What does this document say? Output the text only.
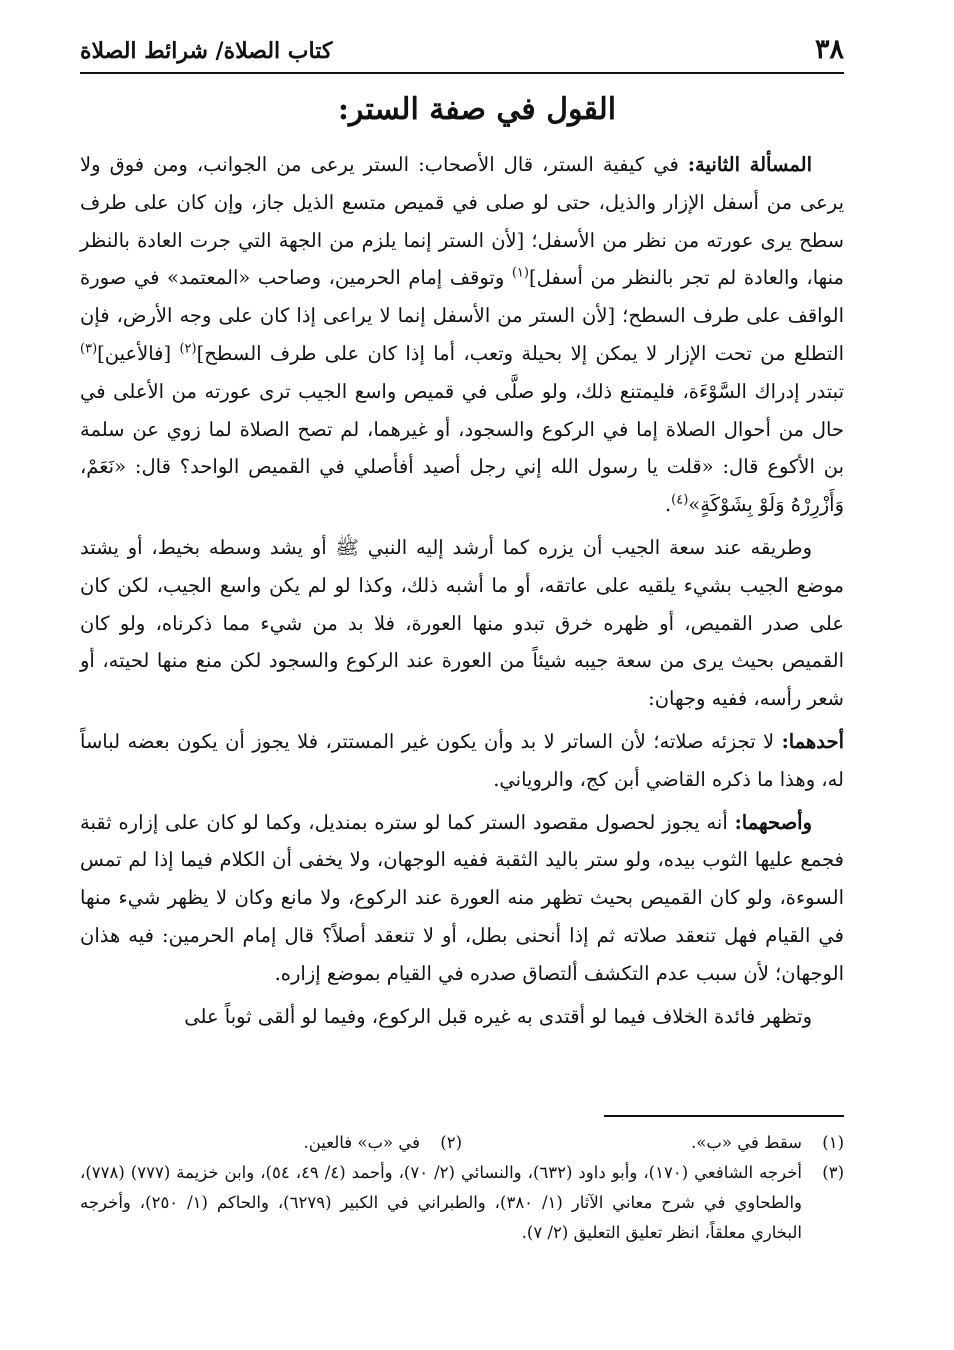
٣٨
كتاب الصلاة/ شرائط الصلاة
القول في صفة الستر:

المسألة الثانية: في كيفية الستر، قال الأصحاب: الستر يرعى من الجوانب، ومن فوق ولا يرعى من أسفل الإزار والذيل، حتى لو صلى في قميص متسع الذيل جاز، وإن كان على طرف سطح يرى عورته من نظر من الأسفل؛ [لأن الستر إنما يلزم من الجهة التي جرت العادة بالنظر منها، والعادة لم تجر بالنظر من أسفل]$^{(١)}$ وتوقف إمام الحرمين، وصاحب «المعتمد» في صورة الواقف على طرف السطح؛ [لأن الستر من الأسفل إنما لا يراعى إذا كان على وجه الأرض، فإن التطلع من تحت الإزار لا يمكن إلا بحيلة وتعب، أما إذا كان على طرف السطح]$^{(٢)}$ [فالأعين]$^{(٣)}$ تبتدر إدراك السَّوْءَة، فليمتنع ذلك، ولو صلَّى في قميص واسع الجيب ترى عورته من الأعلى في حال من أحوال الصلاة إما في الركوع والسجود، أو غيرهما، لم تصح الصلاة لما زوي عن سلمة بن الأكوع قال: «قلت يا رسول الله إني رجل أصيد أفأصلي في القميص الواحد؟ قال: «نَعَمْ، وَأَزْرِرْهُ وَلَوْ بِشَوْكَةٍ»$^{(٤)}$.

وطريقه عند سعة الجيب أن يزره كما أرشد إليه النبي ﷺ أو يشد وسطه بخيط، أو يشتد موضع الجيب بشيء يلقيه على عاتقه، أو ما أشبه ذلك، وكذا لو لم يكن واسع الجيب، لكن كان على صدر القميص، أو ظهره خرق تبدو منها العورة، فلا بد من شيء مما ذكرناه، ولو كان القميص بحيث يرى من سعة جيبه شيئاً من العورة عند الركوع والسجود لكن منع منها لحيته، أو شعر رأسه، ففيه وجهان:

أحدهما: لا تجزئه صلاته؛ لأن الساتر لا بد وأن يكون غير المستتر، فلا يجوز أن يكون بعضه لباساً له، وهذا ما ذكره القاضي أبن كج، والروياني.

وأصحهما: أنه يجوز لحصول مقصود الستر كما لو ستره بمنديل، وكما لو كان على إزاره ثقبة فجمع عليها الثوب بيده، ولو ستر باليد الثقبة ففيه الوجهان، ولا يخفى أن الكلام فيما إذا لم تمس السوءة، ولو كان القميص بحيث تظهر منه العورة عند الركوع، ولا مانع وكان لا يظهر شيء منها في القيام فهل تنعقد صلاته ثم إذا أنحنى بطل، أو لا تنعقد أصلاً؟ قال إمام الحرمين: فيه هذان الوجهان؛ لأن سبب عدم التكشف ألتصاق صدره في القيام بموضع إزاره.

وتظهر فائدة الخلاف فيما لو أقتدى به غيره قبل الركوع، وفيما لو ألقى ثوباً على

(١)سقط في «ب».
(٢)في «ب» فالعين.
(٣)
أخرجه الشافعي (١٧٠)، وأبو داود (٦٣٢)، والنسائي (٢/ ٧٠)، وأحمد (٤/ ٤٩، ٥٤)، وابن خزيمة (٧٧٧) (٧٧٨)، والطحاوي في شرح معاني الآثار (١/ ٣٨٠)، والطبراني في الكبير (٦٢٧٩)، والحاكم (١/ ٢٥٠)، وأخرجه البخاري معلقاً، انظر تعليق التعليق (٢/ ٧).
